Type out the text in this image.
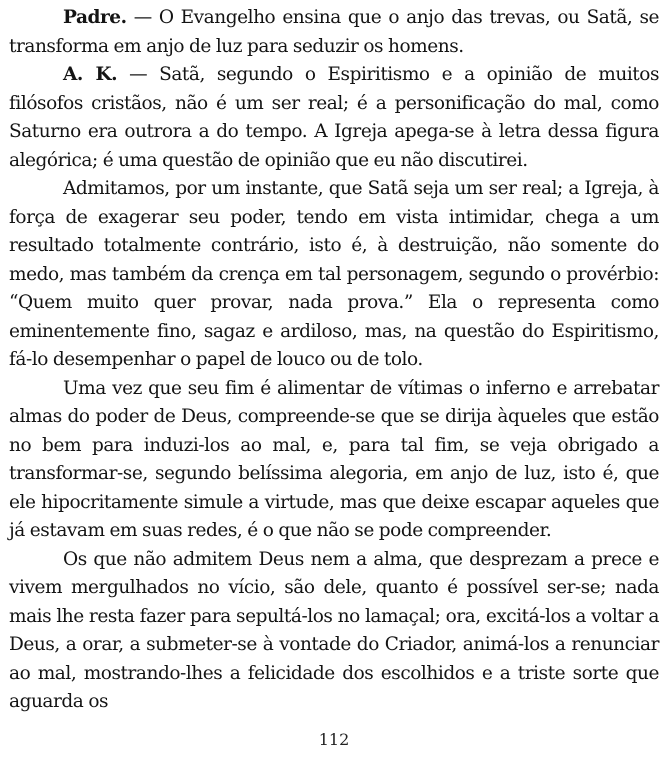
Padre. — O Evangelho ensina que o anjo das trevas, ou Satã, se transforma em anjo de luz para seduzir os homens.

A. K. — Satã, segundo o Espiritismo e a opinião de muitos filósofos cristãos, não é um ser real; é a personificação do mal, como Saturno era outrora a do tempo. A Igreja apega-se à letra dessa figura alegórica; é uma questão de opinião que eu não discutirei.

Admitamos, por um instante, que Satã seja um ser real; a Igreja, à força de exagerar seu poder, tendo em vista intimidar, chega a um resultado totalmente contrário, isto é, à destruição, não somente do medo, mas também da crença em tal personagem, segundo o provérbio: “Quem muito quer provar, nada prova.” Ela o representa como eminentemente fino, sagaz e ardiloso, mas, na questão do Espiritismo, fá-lo desempenhar o papel de louco ou de tolo.

Uma vez que seu fim é alimentar de vítimas o inferno e arrebatar almas do poder de Deus, compreende-se que se dirija àqueles que estão no bem para induzi-los ao mal, e, para tal fim, se veja obrigado a transformar-se, segundo belíssima alegoria, em anjo de luz, isto é, que ele hipocritamente simule a virtude, mas que deixe escapar aqueles que já estavam em suas redes, é o que não se pode compreender.

Os que não admitem Deus nem a alma, que desprezam a prece e vivem mergulhados no vício, são dele, quanto é possível ser-se; nada mais lhe resta fazer para sepultá-los no lamaçal; ora, excitá-los a voltar a Deus, a orar, a submeter-se à vontade do Criador, animá-los a renunciar ao mal, mostrando-lhes a felicidade dos escolhidos e a triste sorte que aguarda os

112
